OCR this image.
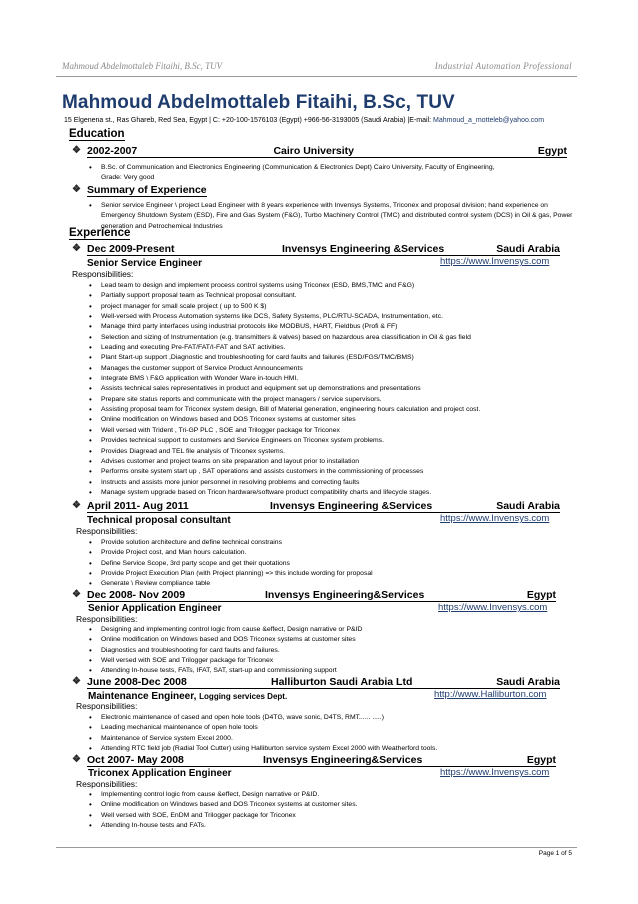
Mahmoud Abdelmottaleb Fitaihi, B.Sc, TUV	Industrial Automation Professional
Mahmoud Abdelmottaleb Fitaihi, B.Sc, TUV
15 Elgenena st., Ras Ghareb, Red Sea, Egypt | C: +20-100-1576103 (Egypt) +966-56-3193005 (Saudi Arabia) |E-mail: Mahmoud_a_motteleb@yahoo.com
Education
❖ 2002-2007	Cairo University	Egypt
• B.Sc. of Communication and Electronics Engineering (Communication & Electronics Dept) Cairo University, Faculty of Engineering,
Grade: Very good
❖ Summary of Experience
• Senior service Engineer \ project Lead Engineer with 8 years experience with Invensys Systems, Triconex and proposal division; hand experience on Emergency Shutdown System (ESD), Fire and Gas System (F&G), Turbo Machinery Control (TMC) and distributed control system (DCS) in Oil & gas, Power generation and Petrochemical Industries
Experience
❖ Dec 2009-Present	Invensys Engineering &Services	Saudi Arabia
Senior Service Engineer	https://www.Invensys.com
Responsibilities:
• Lead team to design and implement process control systems using Triconex (ESD, BMS,TMC and F&G)
• Partially support proposal team as Technical proposal consultant.
• project manager for small scale project ( up to 500 K $)
• Well-versed with Process Automation systems like DCS, Safety Systems, PLC/RTU-SCADA, Instrumentation, etc.
• Manage third party interfaces using industrial protocols like MODBUS, HART, Fieldbus (Profi & FF)
• Selection and sizing of Instrumentation (e.g. transmitters & valves) based on hazardous area classification in Oil & gas field
• Leading and executing Pre-FAT/FAT/I-FAT and SAT activities.
• Plant Start-up support ,Diagnostic and troubleshooting for card faults and failures (ESD/FGS/TMC/BMS)
• Manages the customer support of Service Product Announcements
• Integrate BMS \ F&G application with Wonder Ware in-touch HMI.
• Assists technical sales representatives in product and equipment set up demonstrations and presentations
• Prepare site status reports and communicate with the project managers / service supervisors.
• Assisting proposal team for Triconex system design, Bill of Material generation, engineering hours calculation and project cost.
• Online modification on Windows based and DOS Triconex systems at customer sites
• Well versed with Trident , Tri-GP PLC , SOE and Trilogger package for Triconex
• Provides technical support to customers and Service Engineers on Triconex system problems.
• Provides Diagread and TEL file analysis of Triconex systems.
• Advises customer and project teams on site preparation and layout prior to installation
• Performs onsite system start up , SAT operations and assists customers in the commissioning of processes
• Instructs and assists more junior personnel in resolving problems and correcting faults
• Manage system upgrade based on Tricon hardware/software product compatibility charts and lifecycle stages.
❖ April 2011- Aug 2011	Invensys Engineering &Services	Saudi Arabia
Technical proposal consultant	https://www.Invensys.com
Responsibilities:
• Provide solution architecture and define technical constrains
• Provide Project cost, and Man hours calculation.
• Define Service Scope, 3rd party scope and get their quotations
• Provide Project Execution Plan (with Project planning) => this include wording for proposal
• Generate \ Review compliance table
❖ Dec 2008- Nov 2009	Invensys Engineering&Services	Egypt
Senior Application Engineer	https://www.Invensys.com
Responsibilities:
• Designing and implementing control logic from cause &effect, Design narrative or P&ID
• Online modification on Windows based and DOS Triconex systems at customer sites
• Diagnostics and troubleshooting for card faults and failures.
• Well versed with SOE and Trilogger package for Triconex
• Attending In-house tests, FATs, IFAT, SAT, start-up and commissioning support
❖ June 2008-Dec 2008	Halliburton Saudi Arabia Ltd	Saudi Arabia
Maintenance Engineer, Logging services Dept.	http://www.Halliburton.com
Responsibilities:
• Electronic maintenance of cased and open hole tools (D4TG, wave sonic, D4TS, RMT...... .....)
• Leading mechanical maintenance of open hole tools
• Maintenance of Service system Excel 2000.
• Attending RTC field job (Radial Tool Cutter) using Halliburton service system Excel 2000 with Weatherford tools.
❖ Oct 2007- May 2008	Invensys Engineering&Services	Egypt
Triconex Application Engineer	https://www.Invensys.com
Responsibilities:
• Implementing control logic from cause &effect, Design narrative or P&ID.
• Online modification on Windows based and DOS Triconex systems at customer sites.
• Well versed with SOE, EnDM and Trilogger package for Triconex
• Attending In-house tests and FATs.
Page 1 of 5
